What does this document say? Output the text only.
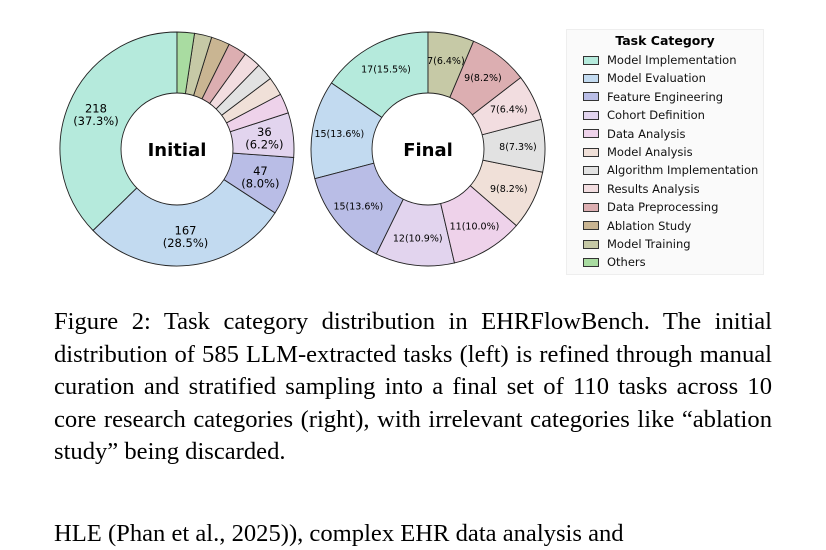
218 (37.3%)
167 (28.5%)
47 (8.0%)
36 (6.2%)
Initial
17(15.5%)
15(13.6%)
15(13.6%)
12(10.9%)
11(10.0%)
9(8.2%)
8(7.3%)
7(6.4%)
9(8.2%)
7(6.4%)
Final
Task Category
Model Implementation
Model Evaluation
Feature Engineering
Cohort Definition
Data Analysis
Model Analysis
Algorithm Implementation
Results Analysis
Data Preprocessing
Ablation Study
Model Training
Others
Figure 2: Task category distribution in EHRFlowBench. The initial distribution of 585 LLM-extracted tasks (left) is refined through manual curation and stratified sampling into a final set of 110 tasks across 10 core research categories (right), with irrelevant categories like “ablation study” being discarded.
HLE (Phan et al., 2025)), complex EHR data analysis and
